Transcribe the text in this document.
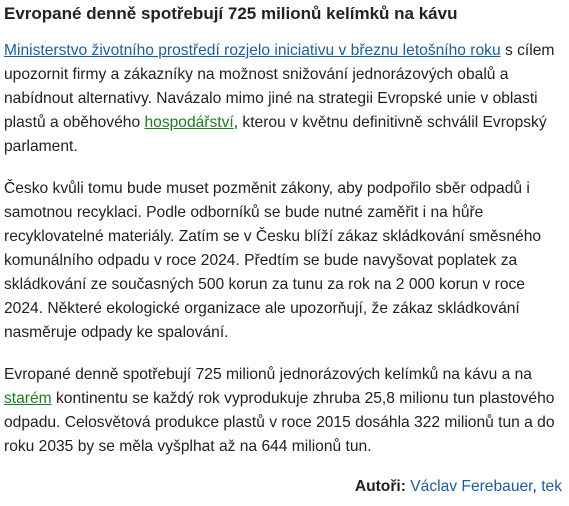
Evropané denně spotřebují 725 milionů kelímků na kávu

Ministerstvo životního prostředí rozjelo iniciativu v březnu letošního roku s cílem upozornit firmy a zákazníky na možnost snižování jednorázových obalů a nabídnout alternativy. Navázalo mimo jiné na strategii Evropské unie v oblasti plastů a oběhového hospodářství, kterou v květnu definitivně schválil Evropský parlament.

Česko kvůli tomu bude muset pozměnit zákony, aby podpořilo sběr odpadů i samotnou recyklaci. Podle odborníků se bude nutné zaměřit i na hůře recyklovatelné materiály. Zatím se v Česku blíží zákaz skládkování směsného komunálního odpadu v roce 2024. Předtím se bude navyšovat poplatek za skládkování ze současných 500 korun za tunu za rok na 2 000 korun v roce 2024. Některé ekologické organizace ale upozorňují, že zákaz skládkování nasměruje odpady ke spalování.

Evropané denně spotřebují 725 milionů jednorázových kelímků na kávu a na starém kontinentu se každý rok vyprodukuje zhruba 25,8 milionu tun plastového odpadu. Celosvětová produkce plastů v roce 2015 dosáhla 322 milionů tun a do roku 2035 by se měla vyšplhat až na 644 milionů tun.

Autoři: Václav Ferebauer, tek
